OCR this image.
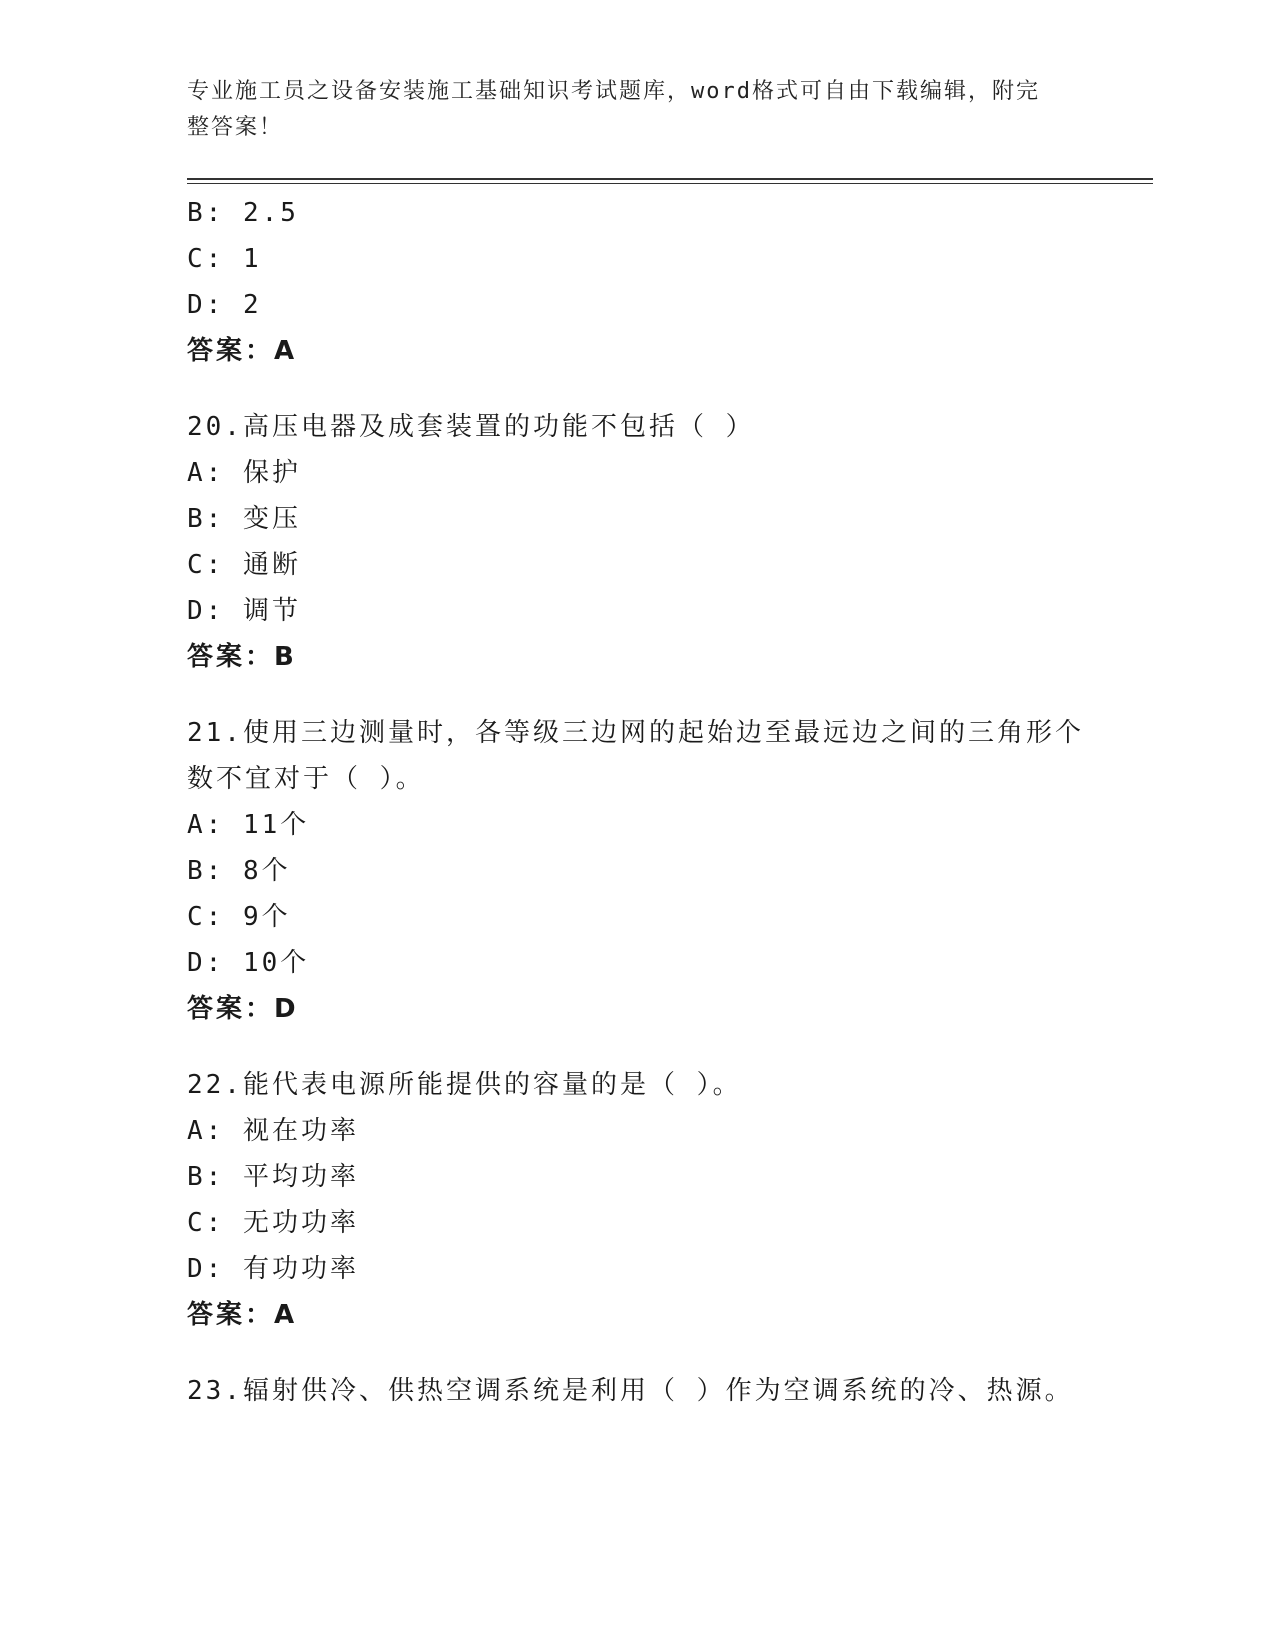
专业施工员之设备安装施工基础知识考试题库，word格式可自由下载编辑，附完
整答案！
B: 2.5
C: 1
D: 2
答案：A
20.高压电器及成套装置的功能不包括（ ）
A: 保护
B: 变压
C: 通断
D: 调节
答案：B
21.使用三边测量时，各等级三边网的起始边至最远边之间的三角形个
数不宜对于（ ）。
A: 11个
B: 8个
C: 9个
D: 10个
答案：D
22.能代表电源所能提供的容量的是（ ）。
A: 视在功率
B: 平均功率
C: 无功功率
D: 有功功率
答案：A
23.辐射供冷、供热空调系统是利用（ ）作为空调系统的冷、热源。
